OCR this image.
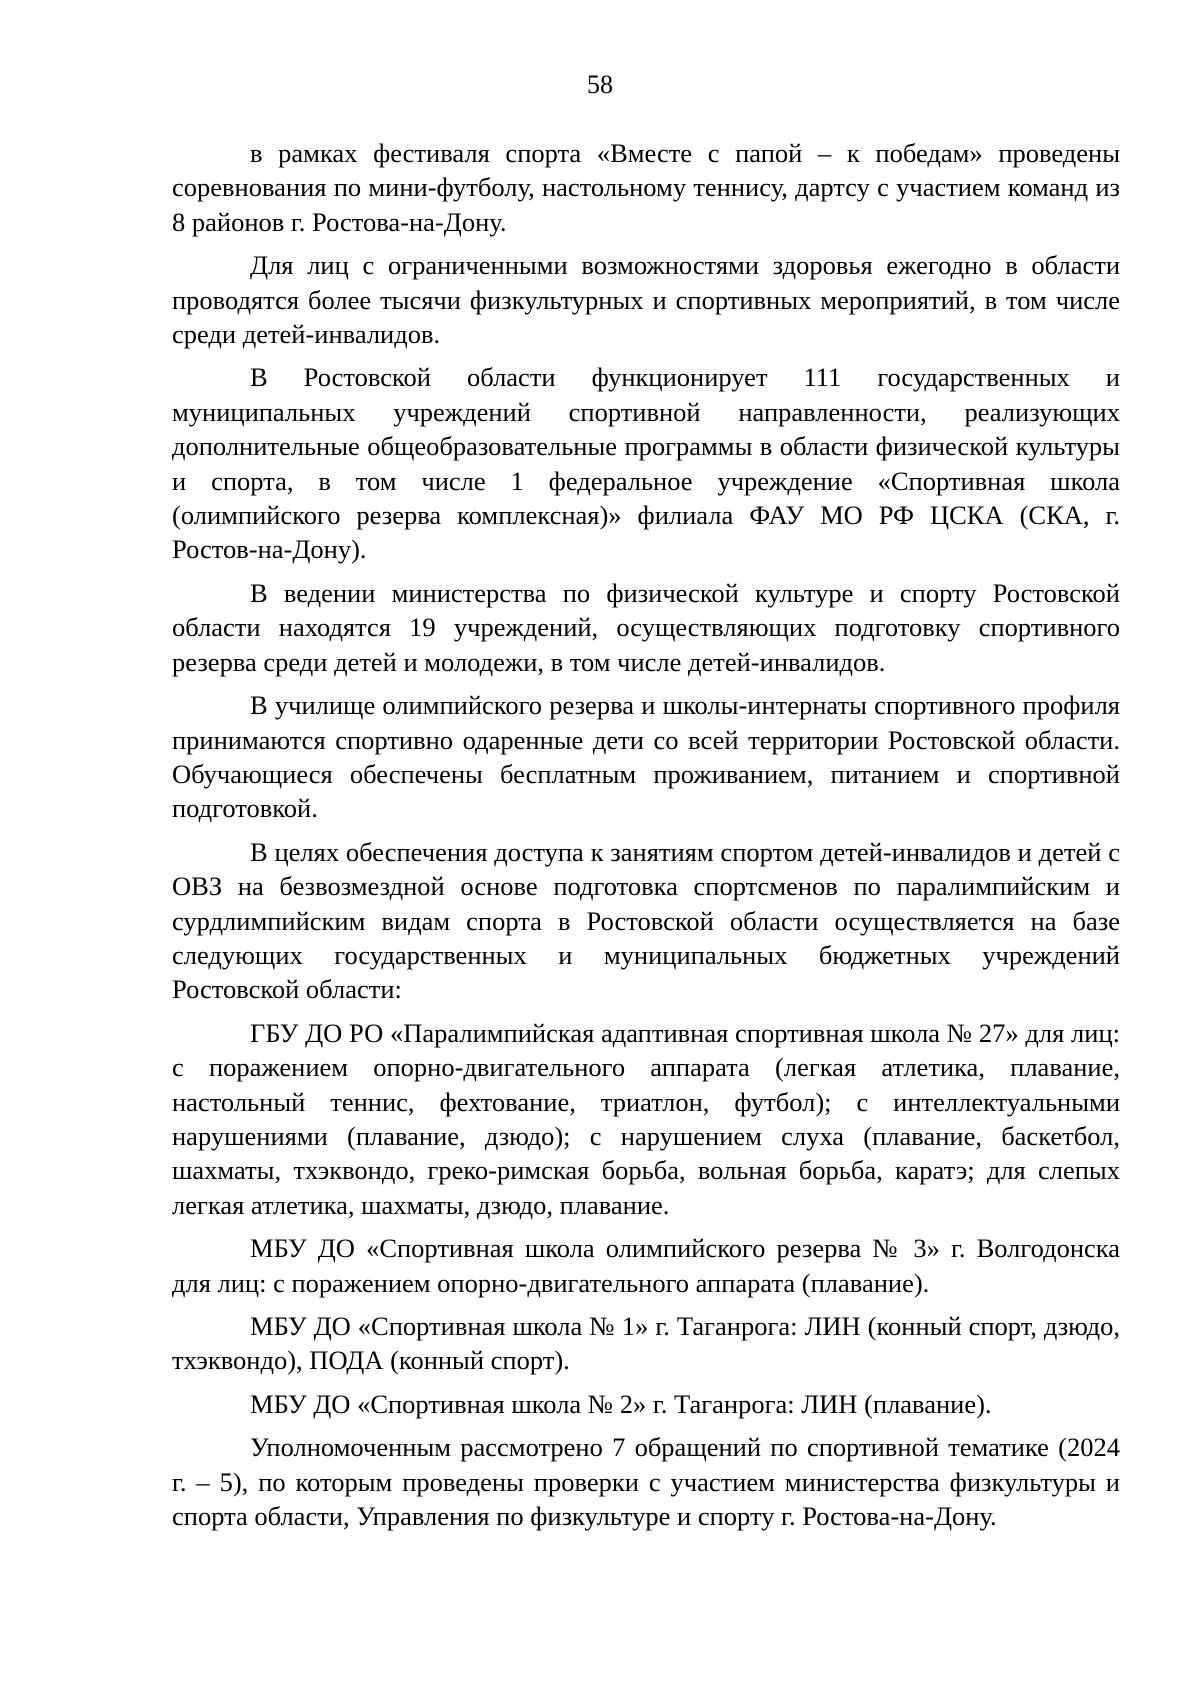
58

в рамках фестиваля спорта «Вместе с папой – к победам» проведены соревнования по мини-футболу, настольному теннису, дартсу с участием команд из 8 районов г. Ростова-на-Дону.

Для лиц с ограниченными возможностями здоровья ежегодно в области проводятся более тысячи физкультурных и спортивных мероприятий, в том числе среди детей-инвалидов.

В Ростовской области функционирует 111 государственных и муниципальных учреждений спортивной направленности, реализующих дополнительные общеобразовательные программы в области физической культуры и спорта, в том числе 1 федеральное учреждение «Спортивная школа (олимпийского резерва комплексная)» филиала ФАУ МО РФ ЦСКА (СКА, г. Ростов-на-Дону).

В ведении министерства по физической культуре и спорту Ростовской области находятся 19 учреждений, осуществляющих подготовку спортивного резерва среди детей и молодежи, в том числе детей-инвалидов.

В училище олимпийского резерва и школы-интернаты спортивного профиля принимаются спортивно одаренные дети со всей территории Ростовской области. Обучающиеся обеспечены бесплатным проживанием, питанием и спортивной подготовкой.

В целях обеспечения доступа к занятиям спортом детей-инвалидов и детей с ОВЗ на безвозмездной основе подготовка спортсменов по паралимпийским и сурдлимпийским видам спорта в Ростовской области осуществляется на базе следующих государственных и муниципальных бюджетных учреждений Ростовской области:

ГБУ ДО РО «Паралимпийская адаптивная спортивная школа № 27» для лиц: с поражением опорно-двигательного аппарата (легкая атлетика, плавание, настольный теннис, фехтование, триатлон, футбол); с интеллектуальными нарушениями (плавание, дзюдо); с нарушением слуха (плавание, баскетбол, шахматы, тхэквондо, греко-римская борьба, вольная борьба, каратэ; для слепых легкая атлетика, шахматы, дзюдо, плавание.

МБУ ДО «Спортивная школа олимпийского резерва № 3» г. Волгодонска для лиц: с поражением опорно-двигательного аппарата (плавание).

МБУ ДО «Спортивная школа № 1» г. Таганрога: ЛИН (конный спорт, дзюдо, тхэквондо), ПОДА (конный спорт).

МБУ ДО «Спортивная школа № 2» г. Таганрога: ЛИН (плавание).

Уполномоченным рассмотрено 7 обращений по спортивной тематике (2024 г. – 5), по которым проведены проверки с участием министерства физкультуры и спорта области, Управления по физкультуре и спорту г. Ростова-на-Дону.
